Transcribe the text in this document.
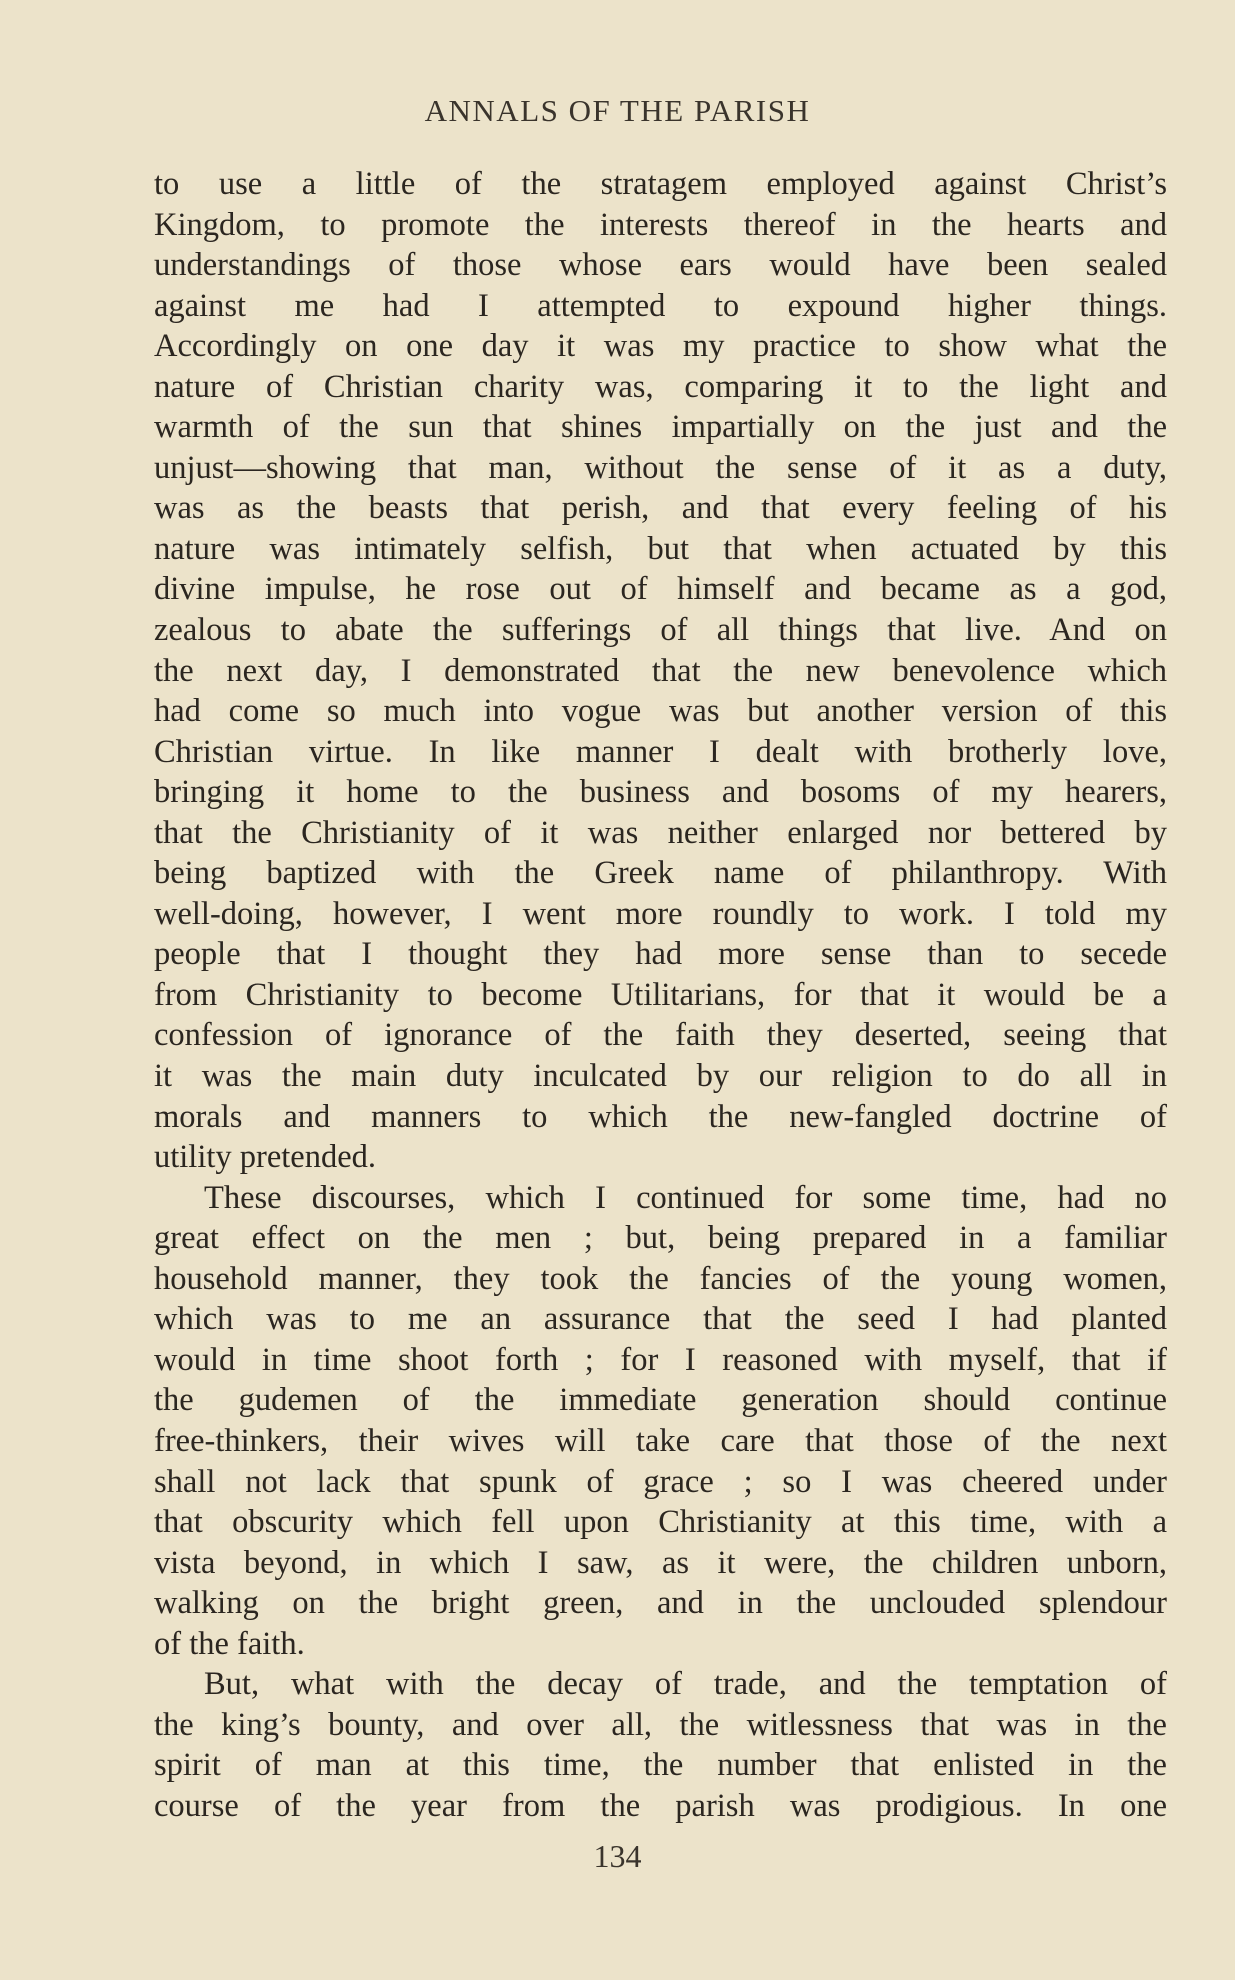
ANNALS OF THE PARISH
to use a little of the stratagem employed against Christ’s
Kingdom, to promote the interests thereof in the hearts and
understandings of those whose ears would have been sealed
against me had I attempted to expound higher things.
Accordingly on one day it was my practice to show what the
nature of Christian charity was, comparing it to the light and
warmth of the sun that shines impartially on the just and the
unjust—showing that man, without the sense of it as a duty,
was as the beasts that perish, and that every feeling of his
nature was intimately selfish, but that when actuated by this
divine impulse, he rose out of himself and became as a god,
zealous to abate the sufferings of all things that live. And on
the next day, I demonstrated that the new benevolence which
had come so much into vogue was but another version of this
Christian virtue. In like manner I dealt with brotherly love,
bringing it home to the business and bosoms of my hearers,
that the Christianity of it was neither enlarged nor bettered by
being baptized with the Greek name of philanthropy. With
well-doing, however, I went more roundly to work. I told my
people that I thought they had more sense than to secede
from Christianity to become Utilitarians, for that it would be a
confession of ignorance of the faith they deserted, seeing that
it was the main duty inculcated by our religion to do all in
morals and manners to which the new-fangled doctrine of
utility pretended.
These discourses, which I continued for some time, had no
great effect on the men ; but, being prepared in a familiar
household manner, they took the fancies of the young women,
which was to me an assurance that the seed I had planted
would in time shoot forth ; for I reasoned with myself, that if
the gudemen of the immediate generation should continue
free-thinkers, their wives will take care that those of the next
shall not lack that spunk of grace ; so I was cheered under
that obscurity which fell upon Christianity at this time, with a
vista beyond, in which I saw, as it were, the children unborn,
walking on the bright green, and in the unclouded splendour
of the faith.
But, what with the decay of trade, and the temptation of
the king’s bounty, and over all, the witlessness that was in the
spirit of man at this time, the number that enlisted in the
course of the year from the parish was prodigious. In one
134
